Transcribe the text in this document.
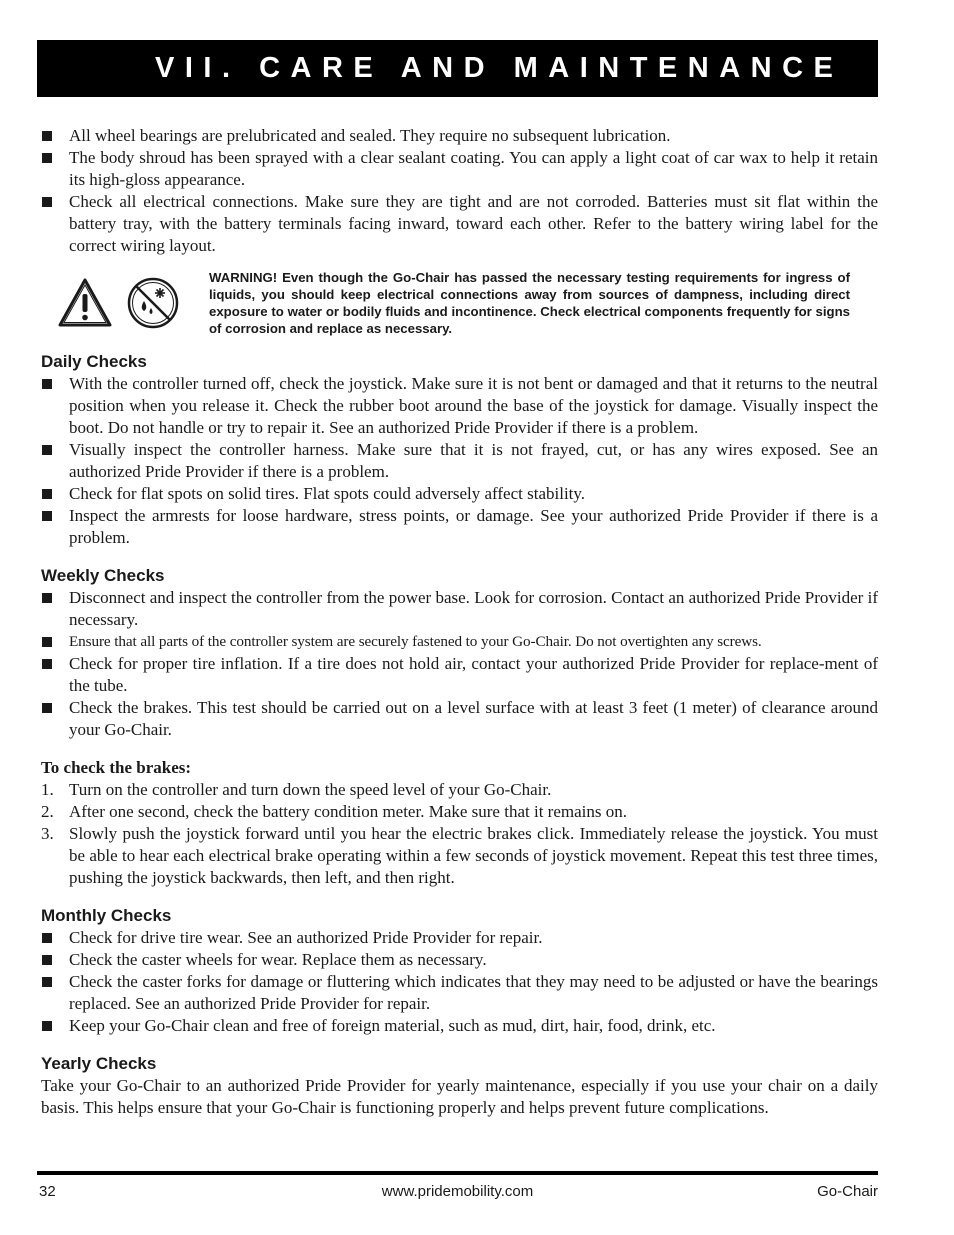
VII. CARE AND MAINTENANCE
All wheel bearings are prelubricated and sealed. They require no subsequent lubrication.
The body shroud has been sprayed with a clear sealant coating. You can apply a light coat of car wax to help it retain its high-gloss appearance.
Check all electrical connections. Make sure they are tight and are not corroded. Batteries must sit flat within the battery tray, with the battery terminals facing inward, toward each other. Refer to the battery wiring label for the correct wiring layout.
WARNING! Even though the Go-Chair has passed the necessary testing requirements for ingress of liquids, you should keep electrical connections away from sources of dampness, including direct exposure to water or bodily fluids and incontinence. Check electrical components frequently for signs of corrosion and replace as necessary.
Daily Checks
With the controller turned off, check the joystick. Make sure it is not bent or damaged and that it returns to the neutral position when you release it. Check the rubber boot around the base of the joystick for damage. Visually inspect the boot. Do not handle or try to repair it. See an authorized Pride Provider if there is a problem.
Visually inspect the controller harness. Make sure that it is not frayed, cut, or has any wires exposed. See an authorized Pride Provider if there is a problem.
Check for flat spots on solid tires. Flat spots could adversely affect stability.
Inspect the armrests for loose hardware, stress points, or damage. See your authorized Pride Provider if there is a problem.
Weekly Checks
Disconnect and inspect the controller from the power base. Look for corrosion. Contact an authorized Pride Provider if necessary.
Ensure that all parts of the controller system are securely fastened to your Go-Chair. Do not overtighten any screws.
Check for proper tire inflation. If a tire does not hold air, contact your authorized Pride Provider for replace-ment of the tube.
Check the brakes. This test should be carried out on a level surface with at least 3 feet (1 meter) of clearance around your Go-Chair.

To check the brakes:

1. Turn on the controller and turn down the speed level of your Go-Chair.
2. After one second, check the battery condition meter. Make sure that it remains on.
3. Slowly push the joystick forward until you hear the electric brakes click. Immediately release the joystick. You must be able to hear each electrical brake operating within a few seconds of joystick movement. Repeat this test three times, pushing the joystick backwards, then left, and then right.
Monthly Checks
Check for drive tire wear. See an authorized Pride Provider for repair.
Check the caster wheels for wear. Replace them as necessary.
Check the caster forks for damage or fluttering which indicates that they may need to be adjusted or have the bearings replaced. See an authorized Pride Provider for repair.
Keep your Go-Chair clean and free of foreign material, such as mud, dirt, hair, food, drink, etc.
Yearly Checks

Take your Go-Chair to an authorized Pride Provider for yearly maintenance, especially if you use your chair on a daily basis. This helps ensure that your Go-Chair is functioning properly and helps prevent future complications.

32	www.pridemobility.com	Go-Chair
